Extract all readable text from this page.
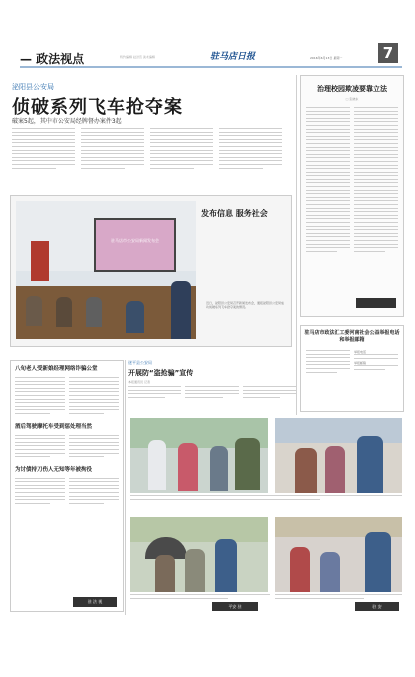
— 政法视点	特约编辑 赵洪范 美术编辑	驻马店日报	2016年6月13日 星期一	7
泌阳县公安局
侦破系列飞车抢夺案
破案5起，其中市公安局经牌督办案件3起
驻马店市公安局新闻发布会
发布信息 服务社会
近日，泌阳县公安局召开新闻发布会，通报泌阳县公安局成功侦破系列飞车抢夺案的情况。
治理校园欺凌要靠立法
□ 张晓东
驻马店市政法汇工委河南社会公益举报电话和举报邮箱
举报电话
举报邮箱
遂平县公安局
开展防“盗抢骗”宣传
本报通讯员 记者
八旬老人受新娘经理网络诈骗公堂
酒后驾驶摩托车受到惩处理当然
为讨债持刀伤人无知等年被拘役
驻 法 视
平安 驻	驻 安
